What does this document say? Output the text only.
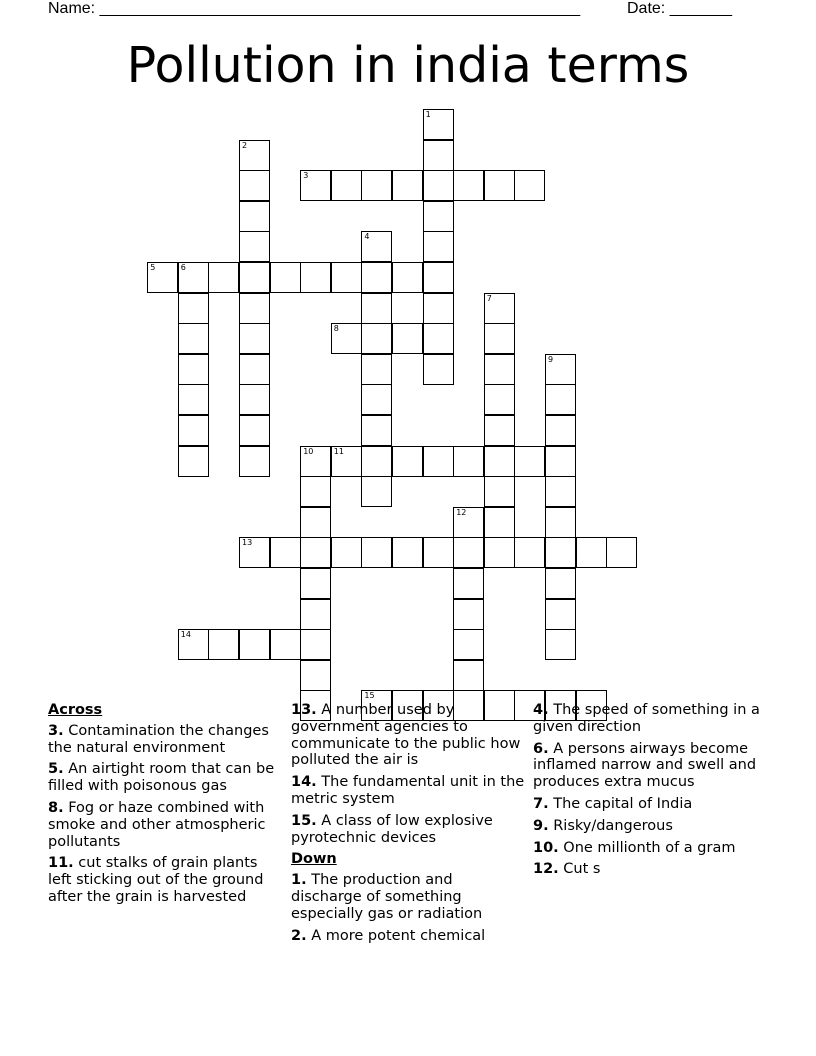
Name: ______________________________________________________	Date: _______
Pollution in india terms
1
2
3
4
5	6
7
8
9
10	11
12
13
14
15
Across
3. Contamination the changes the natural environment
5. An airtight room that can be filled with poisonous gas
8. Fog or haze combined with smoke and other atmospheric pollutants
11. cut stalks of grain plants left sticking out of the ground after the grain is harvested
13. A number used by government agencies to communicate to the public how polluted the air is
14. The fundamental unit in the metric system
15. A class of low explosive pyrotechnic devices
Down
1. The production and discharge of something especially gas or radiation
2. A more potent chemical
4. The speed of something in a given direction
6. A persons airways become inflamed narrow and swell and produces extra mucus
7. The capital of India
9. Risky/dangerous
10. One millionth of a gram
12. Cut s
